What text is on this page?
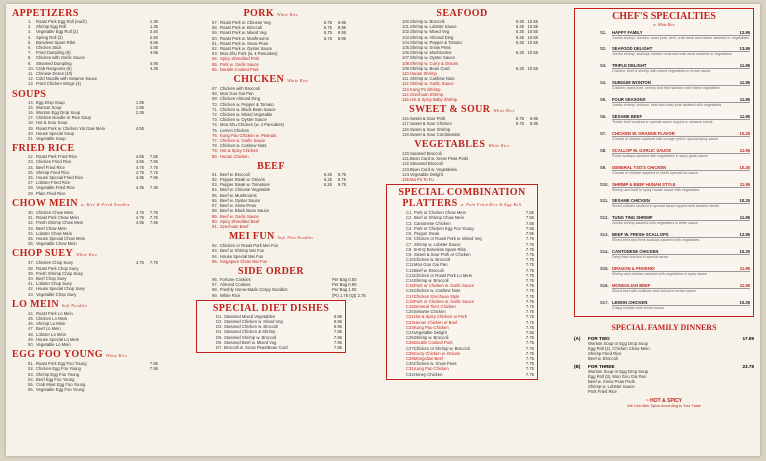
APPETIZERS
1.	Roast Pork Egg Roll (each)	1.35
2.	Shrimp Egg Roll	1.35
3.	Vegetable Egg Roll (2)	2.40
4.	Spring Roll (2)	2.50
5.	Boneless Spare Ribs	6.55
6.	Chicken Stick	4.05
7.	Fried Dumpling (8)	4.95
8.	Chicken with Garlic Sauce
9.	Steamed Dumpling	4.95
10. Crab Rangoons (6)	4.35
11. Chinese Donut (10)
12. Cold Noodle with Sesame Sauce
13. Fried Chicken Wings (4)
SOUPS
14. Egg Drop Soup	1.95
15. Wonton Soup	1.95
16. Wonton Egg Drop Soup	2.35
17. Chicken Noodle or Rice Soup
18. Hot & Sour Soup
19. Roast Pork or Chicken Yat Gaw Mein	4.55
20. House Special Soup
21. Vegetable Soup
FRIED RICE
22. Roast Pork Fried Rice	4.55	7.55
23. Chicken Fried Rice	4.55	7.55
24. Beef Fried Rice	4.75	7.75
25. Shrimp Fried Rice	4.75	7.75
26. House Special Fried Rice	4.95	7.95
27. Lobster Fried Rice
28. Vegetable Fried Rice	4.35	7.35
29. Plain Fried Rice
CHOW MEIN w. Rice & Fried Noodles
30. Chicken Chow Mein	4.75	7.75
31. Roast Pork Chow Mein	4.75	7.75
32. Fresh Shrimp Chow Mein	4.95	7.95
33. Beef Chow Mein
34. Lobster Chow Mein
35. House Special Chow Mein
36. Vegetable Chow Mein
CHOP SUEY White Rice
37. Chicken Chop Suey	4.75	7.75
38. Roast Pork Chop Suey
39. Fresh Shrimp Chop Suey
40. Beef Chop Suey
41. Lobster Chop Suey
42. House Special Chop Suey
43. Vegetable Chop Suey
LO MEIN Soft Noodles
44. Roast Pork Lo Mein
45. Chicken Lo Mein
46. Shrimp Lo Mein
47. Beef Lo Mein
48. Lobster Lo Mein
49. House Special Lo Mein
50. Vegetable Lo Mein
EGG FOO YOUNG White Rice
51. Roast Pork Egg Foo Young	7.95
52. Chicken Egg Foo Young	7.95
53. Shrimp Egg Foo Young
54. Beef Egg Foo Young
55. Crab Meat Egg Foo Young
56. Vegetable Egg Foo Young
PORK White Rice
57. Roast Pork w. Chinese Veg	5.75	8.95
58. Roast Pork w. Broccoli	5.75	8.95
59. Roast Pork w. Mixed Veg	5.75	8.95
60. Roast Pork w. Mushrooms	5.75	8.95
61. Roast Pork w. Snow Peas
62. Roast Pork w. Oyster Sauce
63. Moo Shu Pork (w. 4 Pancakes)
64. Spicy Shredded Pork
65. Pork w. Garlic Sauce
66. Double Cooked Pork
CHICKEN White Rice
67. Chicken with Broccoli
68. Moo Goo Gai Pan
69. Chicken Almond Ding
70. Chicken w. Pepper & Tomato
71. Chicken w. Black Bean Sauce
72. Chicken w. Mixed Vegetable
73. Chicken w. Oyster Sauce
74. Moo Shu Chicken (w. 4 Pancakes)
75. Lemon Chicken
76. Kung Pao Chicken w. Peanuts
77. Chicken w. Garlic Sauce
78. Chicken w. Cashew Nuts
79. Hot & Spicy Chicken
80. Hunan Chicken
BEEF
81. Beef w. Broccoli	6.25	9.75
82. Pepper Steak w. Onions	6.25	9.75
83. Pepper Steak w. Tomatoes	6.25	9.75
84. Beef w. Chinese Vegetable
85. Beef w. Mushrooms
86. Beef w. Oyster Sauce
87. Beef w. Snow Peas
88. Beef w. Black Bean Sauce
89. Beef w. Garlic Sauce
90. Spicy Shredded Beef
91. Szechuan Beef
MEI FUN Soft Thin Noodles
92. Chicken or Roast Pork Mei Fun
93. Beef or Shrimp Mei Fun
94. House Special Mei Fun
95. Singapore Chow Mei Fun
SIDE ORDER
96. Fortune Cookies	Per Bag 0.50
97. Almond Cookies	Per Bag 0.99
98. Freshly Home-Made Crispy Noodles	Per Bag 1.00
99. White Rice	(Pt) 1.75 (Qt) 2.75
SPECIAL DIET DISHES
D1. Steamed Mixed Vegetables	6.95
D2. Steamed Chicken w. Mixed Veg	6.95
D3. Steamed Chicken w. Broccoli	6.95
D4. Steamed Chicken & Shrimp	7.95
D5. Steamed Shrimp w. Broccoli	7.95
D6. Steamed Beef w. Mixed Veg	7.95
D7. Broccoli w. Snow Peas/Bean Curd	7.95
SEAFOOD
100. Shrimp w. Broccoli	6.25 10.55
101. Shrimp w. Lobster Sauce	6.25 10.55
102. Shrimp w. Mixed Veg	6.25 10.55
103. Shrimp w. Almond Ding	6.25 10.55
104. Shrimp w. Pepper & Tomato	6.25 10.55
105. Shrimp w. Snow Peas
106. Shrimp w. Mushrooms	6.25 10.55
107. Shrimp w. Oyster Sauce
108. Shrimp w. Curry & Onions
109. Shrimp w. Bean Curd	6.25 10.55
110. Hunan Shrimp
111. Shrimp w. Cashew Nuts
112. Shrimp w. Garlic Sauce
113. Kung Po Shrimp
114. Szechuan Shrimp
115. Hot & Spicy Baby Shrimp
SWEET & SOUR White Rice
116. Sweet & Sour Pork	5.75	8.95
117. Sweet & Sour Chicken	5.75	8.95
118. Sweet & Sour Shrimp
119. Sweet & Sour Combination
VEGETABLES White Rice
120. Sauteed Broccoli
121. Bean Curd w. Snow Peas Pods
122. Steamed Broccoli
123. Bean Curd w. Vegetables
124. Vegetable Delight
125. Ma Po To Fu
SPECIAL COMBINATION PLATTERS w. Pork Fried Rice & Egg Roll
C1. Pork or Chicken Chow Mein	7.55
C2. Beef or Shrimp Chow Mein	7.55
C3. Cantonese Chicken	7.55
C4. Pork or Chicken Egg Foo Young	7.55
C5. Pepper Steak	7.55
C6. Chicken or Roast Pork w. Mixed Veg	7.75
C7. Shrimp w. Lobster Sauce	7.75
C8. B-B-Q Boneless Spare Ribs	7.75
C9. Sweet & Sour Pork or Chicken	7.75
C10. Chicken w. Broccoli	7.75
C11. Moo Goo Gai Pan	7.75
C12. Beef w. Broccoli	7.75
C13. Chicken or Roast Pork Lo Mein	7.75
C14. Shrimp w. Broccoli	7.75
C15. Pork or Chicken w. Garlic Sauce	7.75
C16. Chicken w. Cashew Nuts	7.75
C17. Chicken Szechuan Style	7.75
C18. Pork or Chicken w. Garlic Sauce	7.75
C19. General Tso's Chicken	7.75
C20. Sesame Chicken	7.75
C21. Hot & Spicy Chicken or Pork	7.75
C22. Hunan Chicken or Beef	7.75
C23. Kung Pao Chicken	7.75
C24. Vegetable Delight	7.55
C25. Shrimp w. Broccoli	7.75
C26. Double Cooked Pork	7.75
C27. Chicken or Shrimp w. Broccoli	7.75
C28. Curry Chicken w. Onions	7.75
C29. Mongolian Beef	7.75
C30. Chicken w. Snow Peas	7.75
C31. Kung Pao Chicken	7.75
C32. Honey Chicken	7.75
CHEF'S SPECIALTIES
w. White Rice
S1.	HAPPY FAMILY	12.95
Jumbo shrimp, chicken, roast pork, beef, crab meat and lobster sauteed w. vegetables
S2.	SEAFOOD DELIGHT	13.95
Jumbo shrimp, scallops, lobster meat and crab meat sauteed w. vegetables
S3.	TRIPLE DELIGHT	11.95
Chicken, beef & shrimp with mixed vegetables in brown sauce
S4.	SUBGUM WONTON	11.95
Chicken, roast pork, shrimp and fried wonton with mixed vegetables
S5.	FOUR SEASONS	11.95
Jumbo shrimp, chicken, beef and roast pork sauteed with vegetables
S6.	SESAME BEEF	11.95
Tender beef sauteed w. special sauce topped w. sesame seeds
S7.	CHICKEN W. ORANGE FLAVOR	10.25
Chunks of chicken sauteed with orange peel in special spicy sauce
S8.	SCALLOP W. GARLIC SAUCE	11.95
Fresh scallops sauteed with vegetables in spicy garlic sauce
S9.	GENERAL TSO'S CHICKEN	10.25
Chunks of chicken sauteed in chef's special hot sauce
S10. SHRIMP & BEEF HUNAN STYLE	11.95
Shrimp and beef in spicy Hunan sauce with vegetables
S11. SESAME CHICKEN	10.25
Sliced chicken sauteed in special sauce topped with sesame seeds
S12. TUNG TING SHRIMP	11.95
Jumbo shrimp sauteed with vegetables in white sauce
S13. BEEF W. FRESH SCALLOPS	12.95
Sliced beef and fresh scallops sauteed with vegetables
S14. CANTONESE CHICKEN	10.25
Deep fried chicken in special sauce
S15. DRAGON & PHOENIX	11.95
Shrimp and chicken sauteed with vegetables in spicy sauce
S16. MONGOLIAN BEEF	11.95
Sliced beef with scallions and onions in brown sauce
S17. LEMON CHICKEN	10.25
Crispy chicken with lemon sauce
SPECIAL FAMILY DINNERS
(A)	FOR TWO	17.95
Wonton Soup or Egg Drop Soup
Egg Roll (2), Chicken Chow Mein
Shrimp Fried Rice
Beef w. Broccoli
(B)	FOR THREE	23.75
Wonton Soup or Egg Drop Soup
Egg Roll (3), Moo Goo Gai Pan
Beef w. Snow Peas Pods
Shrimp w. Lobster Sauce
Pork Fried Rice
~ HOT & SPICY
We Can Alter Spice According to Your Taste
